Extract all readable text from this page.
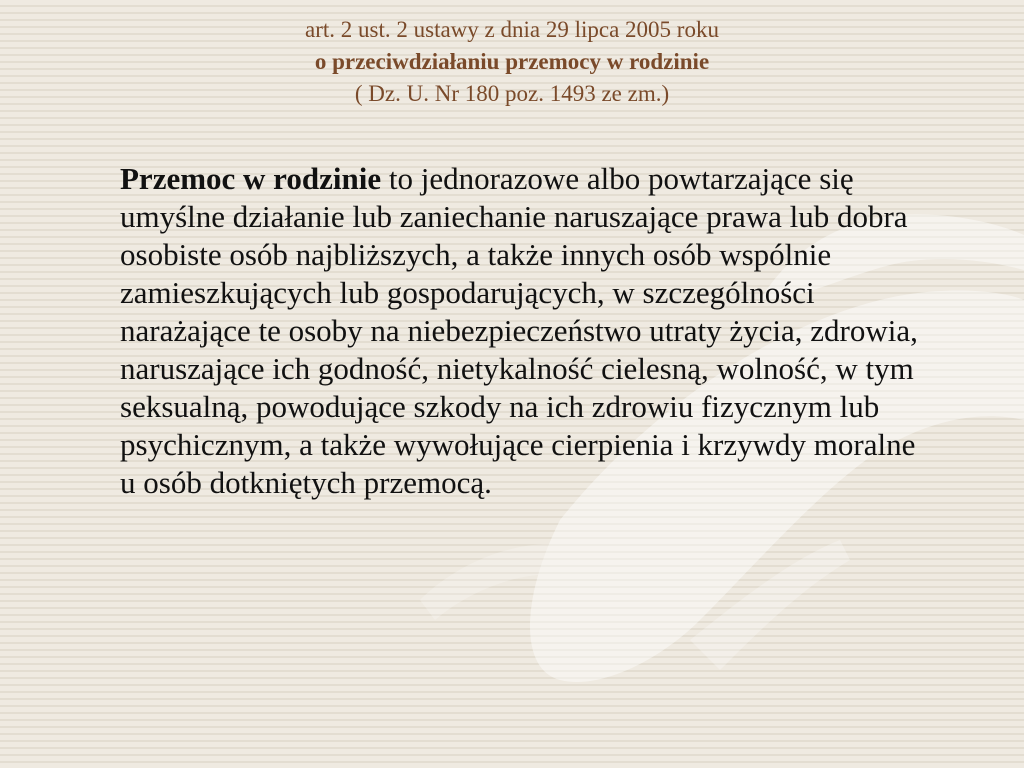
art. 2 ust. 2 ustawy z dnia 29 lipca 2005 roku
o przeciwdziałaniu przemocy w rodzinie
( Dz. U. Nr 180 poz. 1493 ze zm.)

Przemoc w rodzinie to jednorazowe albo powtarzające się umyślne działanie lub zaniechanie naruszające prawa lub dobra osobiste osób najbliższych, a także innych osób wspólnie zamieszkujących lub gospodarujących, w szczególności narażające te osoby na niebezpieczeństwo utraty życia, zdrowia, naruszające ich godność, nietykalność cielesną, wolność, w tym seksualną, powodujące szkody na ich zdrowiu fizycznym lub psychicznym, a także wywołujące cierpienia i krzywdy moralne u osób dotkniętych przemocą.
